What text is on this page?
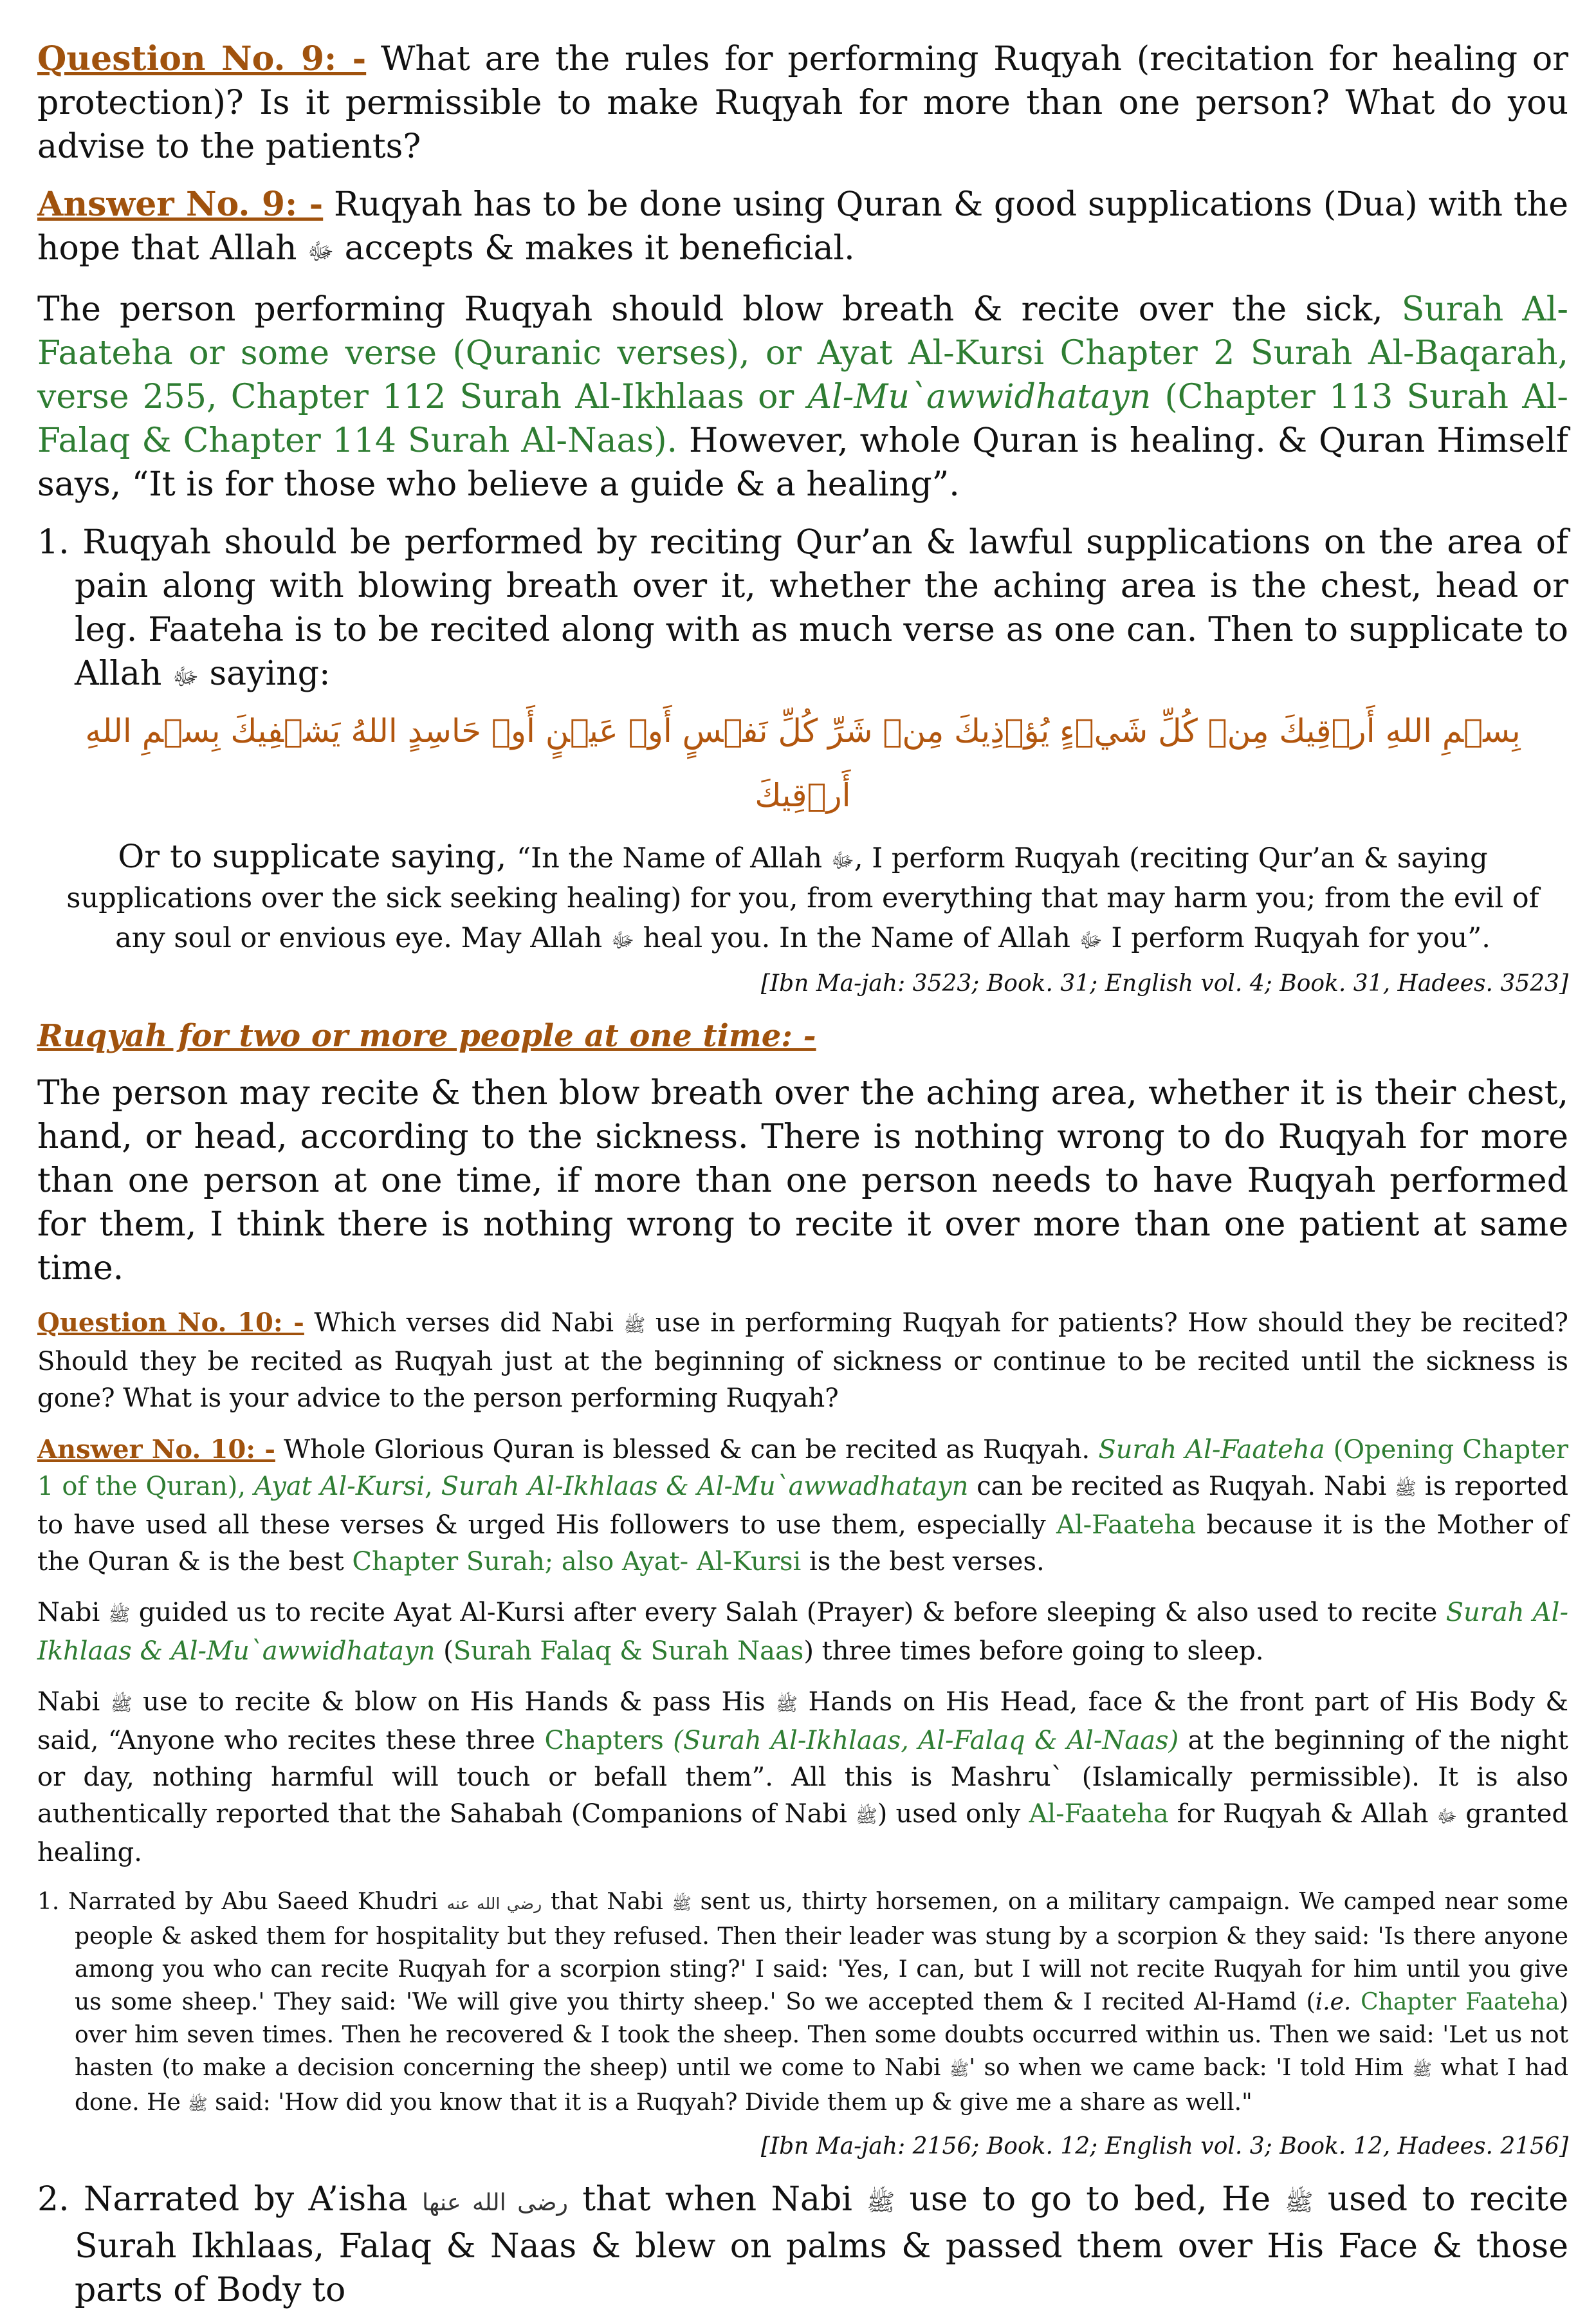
Question No. 9: - What are the rules for performing Ruqyah (recitation for healing or protection)? Is it permissible to make Ruqyah for more than one person? What do you advise to the patients?

Answer No. 9: - Ruqyah has to be done using Quran & good supplications (Dua) with the hope that Allah ﷻ accepts & makes it beneficial.

The person performing Ruqyah should blow breath & recite over the sick, Surah Al-Faateha or some verse (Quranic verses), or Ayat Al-Kursi Chapter 2 Surah Al-Baqarah, verse 255, Chapter 112 Surah Al-Ikhlaas or Al-Mu`awwidhatayn (Chapter 113 Surah Al-Falaq & Chapter 114 Surah Al-Naas). However, whole Quran is healing. & Quran Himself says, “It is for those who believe a guide & a healing”.

1. Ruqyah should be performed by reciting Qur’an & lawful supplications on the area of pain along with blowing breath over it, whether the aching area is the chest, head or leg. Faateha is to be recited along with as much verse as one can. Then to supplicate to Allah ﷻ saying:

بِسۡمِ اللهِ أَرۡقِيكَ مِنۡ كُلِّ شَيۡءٍ يُؤۡذِيكَ مِنۡ شَرِّ كُلِّ نَفۡسٍ أَوۡ عَيۡنٍ أَوۡ حَاسِدٍ اللهُ يَشۡفِيكَ بِسۡمِ اللهِ أَرۡقِيكَ

Or to supplicate saying, “In the Name of Allah ﷻ, I perform Ruqyah (reciting Qur’an & saying supplications over the sick seeking healing) for you, from everything that may harm you; from the evil of any soul or envious eye. May Allah ﷻ heal you. In the Name of Allah ﷻ I perform Ruqyah for you”.

[Ibn Ma-jah: 3523; Book. 31; English vol. 4; Book. 31, Hadees. 3523]

Ruqyah for two or more people at one time: -

The person may recite & then blow breath over the aching area, whether it is their chest, hand, or head, according to the sickness. There is nothing wrong to do Ruqyah for more than one person at one time, if more than one person needs to have Ruqyah performed for them, I think there is nothing wrong to recite it over more than one patient at same time.

Question No. 10: - Which verses did Nabi ﷺ use in performing Ruqyah for patients? How should they be recited? Should they be recited as Ruqyah just at the beginning of sickness or continue to be recited until the sickness is gone? What is your advice to the person performing Ruqyah?

Answer No. 10: - Whole Glorious Quran is blessed & can be recited as Ruqyah. Surah Al-Faateha (Opening Chapter 1 of the Quran), Ayat Al-Kursi, Surah Al-Ikhlaas & Al-Mu`awwadhatayn can be recited as Ruqyah. Nabi ﷺ is reported to have used all these verses & urged His followers to use them, especially Al-Faateha because it is the Mother of the Quran & is the best Chapter Surah; also Ayat- Al-Kursi is the best verses.

Nabi ﷺ guided us to recite Ayat Al-Kursi after every Salah (Prayer) & before sleeping & also used to recite Surah Al-Ikhlaas & Al-Mu`awwidhatayn (Surah Falaq & Surah Naas) three times before going to sleep.

Nabi ﷺ use to recite & blow on His Hands & pass His ﷺ Hands on His Head, face & the front part of His Body & said, “Anyone who recites these three Chapters (Surah Al-Ikhlaas, Al-Falaq & Al-Naas) at the beginning of the night or day, nothing harmful will touch or befall them”. All this is Mashru` (Islamically permissible). It is also authentically reported that the Sahabah (Companions of Nabi ﷺ) used only Al-Faateha for Ruqyah & Allah ﷻ granted healing.

1. Narrated by Abu Saeed Khudri رضي الله عنه that Nabi ﷺ sent us, thirty horsemen, on a military campaign. We camped near some people & asked them for hospitality but they refused. Then their leader was stung by a scorpion & they said: 'Is there anyone among you who can recite Ruqyah for a scorpion sting?' I said: 'Yes, I can, but I will not recite Ruqyah for him until you give us some sheep.' They said: 'We will give you thirty sheep.' So we accepted them & I recited Al-Hamd (i.e. Chapter Faateha) over him seven times. Then he recovered & I took the sheep. Then some doubts occurred within us. Then we said: 'Let us not hasten (to make a decision concerning the sheep) until we come to Nabi ﷺ' so when we came back: 'I told Him ﷺ what I had done. He ﷺ said: 'How did you know that it is a Ruqyah? Divide them up & give me a share as well."

[Ibn Ma-jah: 2156; Book. 12; English vol. 3; Book. 12, Hadees. 2156]

2. Narrated by A’isha رضى الله عنها that when Nabi ﷺ use to go to bed, He ﷺ used to recite Surah Ikhlaas, Falaq & Naas & blew on palms & passed them over His Face & those parts of Body to
